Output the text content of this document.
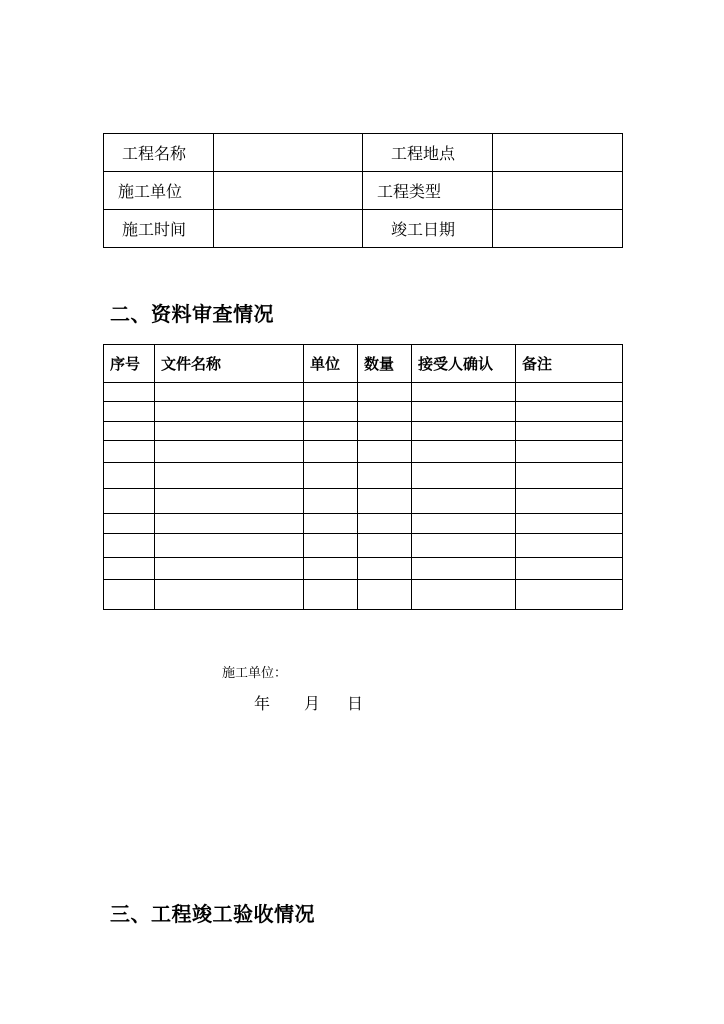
工程名称		工程地点	
施工单位		工程类型	
施工时间		竣工日期	
二、资料审查情况
序号	文件名称	单位	数量	接受人确认	备注

施工单位：
年 月 日
三、工程竣工验收情况
